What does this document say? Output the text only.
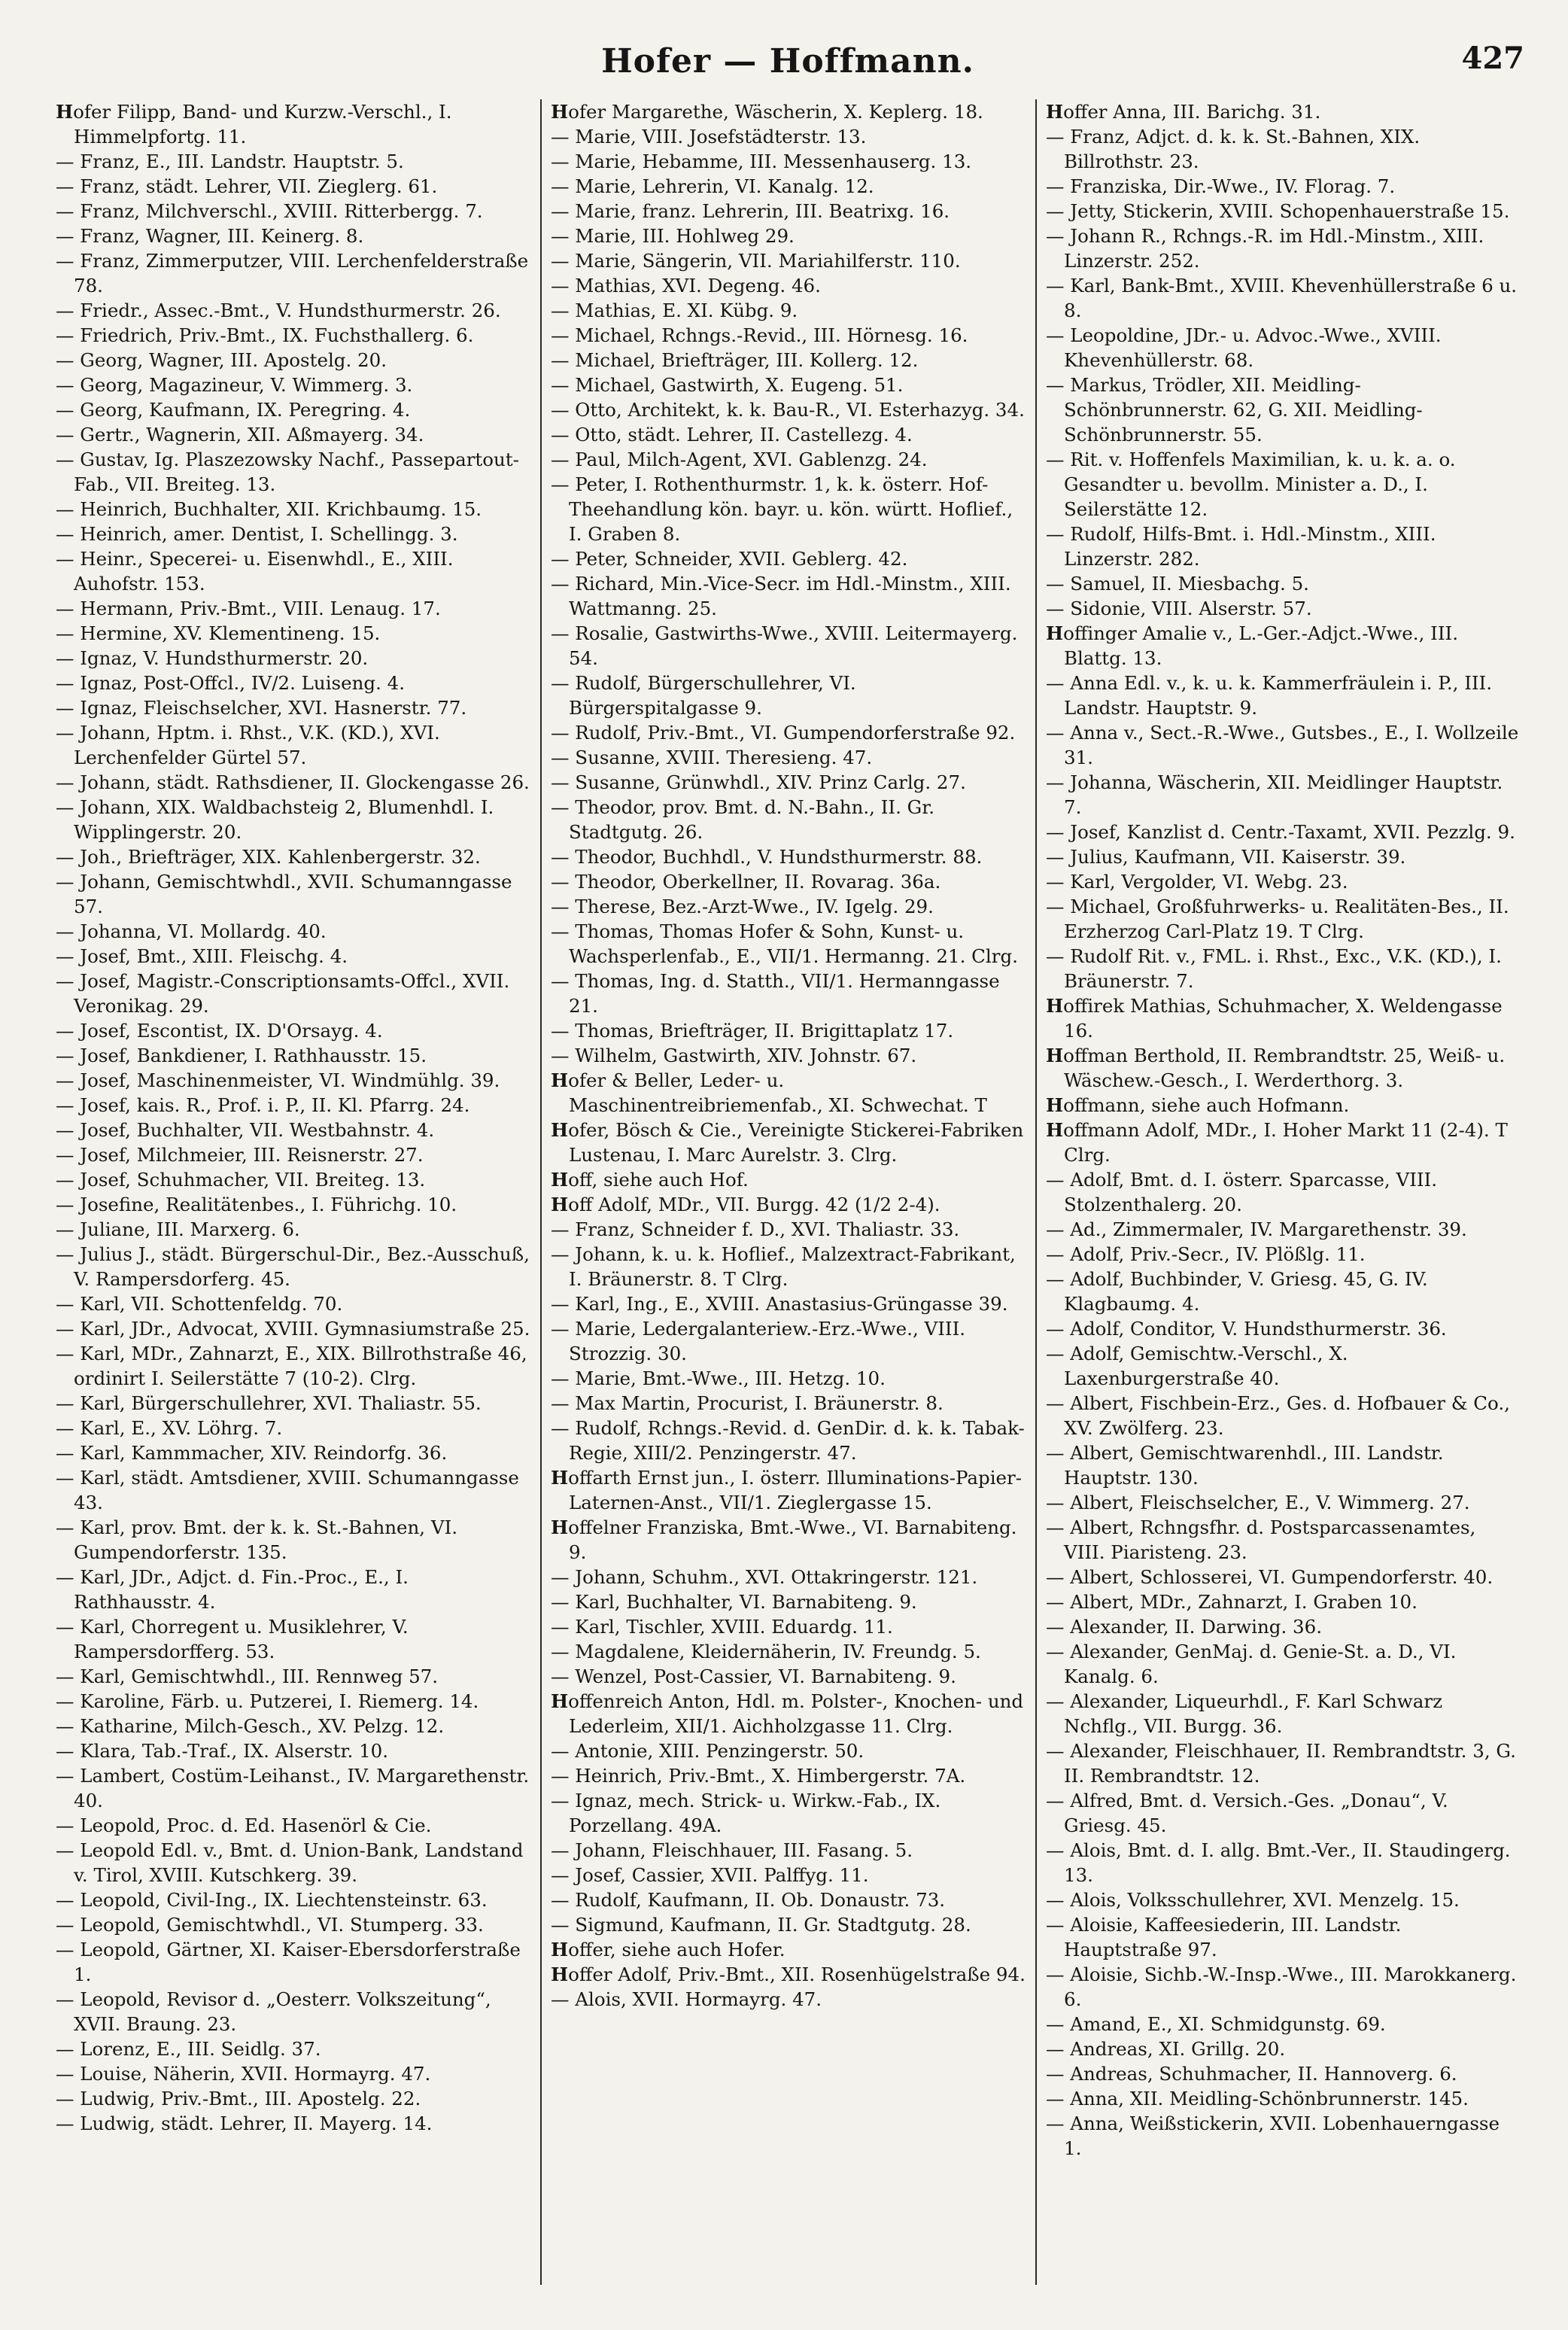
Hofer — Hoffmann.	427

Hofer Filipp, Band- und Kurzw.-Verschl., I. Himmelpfortg. 11.

— Franz, E., III. Landstr. Hauptstr. 5.

— Franz, städt. Lehrer, VII. Zieglerg. 61.

— Franz, Milchverschl., XVIII. Ritterbergg. 7.

— Franz, Wagner, III. Keinerg. 8.

— Franz, Zimmerputzer, VIII. Lerchenfelderstraße 78.

— Friedr., Assec.-Bmt., V. Hundsthurmerstr. 26.

— Friedrich, Priv.-Bmt., IX. Fuchsthallerg. 6.

— Georg, Wagner, III. Apostelg. 20.

— Georg, Magazineur, V. Wimmerg. 3.

— Georg, Kaufmann, IX. Peregring. 4.

— Gertr., Wagnerin, XII. Aßmayerg. 34.

— Gustav, Ig. Plaszezowsky Nachf., Passepartout-Fab., VII. Breiteg. 13.

— Heinrich, Buchhalter, XII. Krichbaumg. 15.

— Heinrich, amer. Dentist, I. Schellingg. 3.

— Heinr., Specerei- u. Eisenwhdl., E., XIII. Auhofstr. 153.

— Hermann, Priv.-Bmt., VIII. Lenaug. 17.

— Hermine, XV. Klementineng. 15.

— Ignaz, V. Hundsthurmerstr. 20.

— Ignaz, Post-Offcl., IV/2. Luiseng. 4.

— Ignaz, Fleischselcher, XVI. Hasnerstr. 77.

— Johann, Hptm. i. Rhst., V.K. (KD.), XVI. Lerchenfelder Gürtel 57.

— Johann, städt. Rathsdiener, II. Glockengasse 26.

— Johann, XIX. Waldbachsteig 2, Blumenhdl. I. Wipplingerstr. 20.

— Joh., Briefträger, XIX. Kahlenbergerstr. 32.

— Johann, Gemischtwhdl., XVII. Schumanngasse 57.

— Johanna, VI. Mollardg. 40.

— Josef, Bmt., XIII. Fleischg. 4.

— Josef, Magistr.-Conscriptionsamts-Offcl., XVII. Veronikag. 29.

— Josef, Escontist, IX. D'Orsayg. 4.

— Josef, Bankdiener, I. Rathhausstr. 15.

— Josef, Maschinenmeister, VI. Windmühlg. 39.

— Josef, kais. R., Prof. i. P., II. Kl. Pfarrg. 24.

— Josef, Buchhalter, VII. Westbahnstr. 4.

— Josef, Milchmeier, III. Reisnerstr. 27.

— Josef, Schuhmacher, VII. Breiteg. 13.

— Josefine, Realitätenbes., I. Führichg. 10.

— Juliane, III. Marxerg. 6.

— Julius J., städt. Bürgerschul-Dir., Bez.-Ausschuß, V. Rampersdorferg. 45.

— Karl, VII. Schottenfeldg. 70.

— Karl, JDr., Advocat, XVIII. Gymnasiumstraße 25.

— Karl, MDr., Zahnarzt, E., XIX. Billrothstraße 46, ordinirt I. Seilerstätte 7 (10-2). Clrg.

— Karl, Bürgerschullehrer, XVI. Thaliastr. 55.

— Karl, E., XV. Löhrg. 7.

— Karl, Kammmacher, XIV. Reindorfg. 36.

— Karl, städt. Amtsdiener, XVIII. Schumanngasse 43.

— Karl, prov. Bmt. der k. k. St.-Bahnen, VI. Gumpendorferstr. 135.

— Karl, JDr., Adjct. d. Fin.-Proc., E., I. Rathhausstr. 4.

— Karl, Chorregent u. Musiklehrer, V. Rampersdorfferg. 53.

— Karl, Gemischtwhdl., III. Rennweg 57.

— Karoline, Färb. u. Putzerei, I. Riemerg. 14.

— Katharine, Milch-Gesch., XV. Pelzg. 12.

— Klara, Tab.-Traf., IX. Alserstr. 10.

— Lambert, Costüm-Leihanst., IV. Margarethenstr. 40.

— Leopold, Proc. d. Ed. Hasenörl & Cie.

— Leopold Edl. v., Bmt. d. Union-Bank, Landstand v. Tirol, XVIII. Kutschkerg. 39.

— Leopold, Civil-Ing., IX. Liechtensteinstr. 63.

— Leopold, Gemischtwhdl., VI. Stumperg. 33.

— Leopold, Gärtner, XI. Kaiser-Ebersdorferstraße 1.

— Leopold, Revisor d. „Oesterr. Volkszeitung“, XVII. Braung. 23.

— Lorenz, E., III. Seidlg. 37.

— Louise, Näherin, XVII. Hormayrg. 47.

— Ludwig, Priv.-Bmt., III. Apostelg. 22.

— Ludwig, städt. Lehrer, II. Mayerg. 14.

Hofer Margarethe, Wäscherin, X. Keplerg. 18.

— Marie, VIII. Josefstädterstr. 13.

— Marie, Hebamme, III. Messenhauserg. 13.

— Marie, Lehrerin, VI. Kanalg. 12.

— Marie, franz. Lehrerin, III. Beatrixg. 16.

— Marie, III. Hohlweg 29.

— Marie, Sängerin, VII. Mariahilferstr. 110.

— Mathias, XVI. Degeng. 46.

— Mathias, E. XI. Kübg. 9.

— Michael, Rchngs.-Revid., III. Hörnesg. 16.

— Michael, Briefträger, III. Kollerg. 12.

— Michael, Gastwirth, X. Eugeng. 51.

— Otto, Architekt, k. k. Bau-R., VI. Esterhazyg. 34.

— Otto, städt. Lehrer, II. Castellezg. 4.

— Paul, Milch-Agent, XVI. Gablenzg. 24.

— Peter, I. Rothenthurmstr. 1, k. k. österr. Hof-Theehandlung kön. bayr. u. kön. württ. Hoflief., I. Graben 8.

— Peter, Schneider, XVII. Geblerg. 42.

— Richard, Min.-Vice-Secr. im Hdl.-Minstm., XIII. Wattmanng. 25.

— Rosalie, Gastwirths-Wwe., XVIII. Leitermayerg. 54.

— Rudolf, Bürgerschullehrer, VI. Bürgerspitalgasse 9.

— Rudolf, Priv.-Bmt., VI. Gumpendorferstraße 92.

— Susanne, XVIII. Theresieng. 47.

— Susanne, Grünwhdl., XIV. Prinz Carlg. 27.

— Theodor, prov. Bmt. d. N.-Bahn., II. Gr. Stadtgutg. 26.

— Theodor, Buchhdl., V. Hundsthurmerstr. 88.

— Theodor, Oberkellner, II. Rovarag. 36a.

— Therese, Bez.-Arzt-Wwe., IV. Igelg. 29.

— Thomas, Thomas Hofer & Sohn, Kunst- u. Wachsperlenfab., E., VII/1. Hermanng. 21. Clrg.

— Thomas, Ing. d. Statth., VII/1. Hermanngasse 21.

— Thomas, Briefträger, II. Brigittaplatz 17.

— Wilhelm, Gastwirth, XIV. Johnstr. 67.

Hofer & Beller, Leder- u. Maschinentreibriemenfab., XI. Schwechat. T

Hofer, Bösch & Cie., Vereinigte Stickerei-Fabriken Lustenau, I. Marc Aurelstr. 3. Clrg.

Hoff, siehe auch Hof.

Hoff Adolf, MDr., VII. Burgg. 42 (1/2 2-4).

— Franz, Schneider f. D., XVI. Thaliastr. 33.

— Johann, k. u. k. Hoflief., Malzextract-Fabrikant, I. Bräunerstr. 8. T Clrg.

— Karl, Ing., E., XVIII. Anastasius-Grüngasse 39.

— Marie, Ledergalanteriew.-Erz.-Wwe., VIII. Strozzig. 30.

— Marie, Bmt.-Wwe., III. Hetzg. 10.

— Max Martin, Procurist, I. Bräunerstr. 8.

— Rudolf, Rchngs.-Revid. d. GenDir. d. k. k. Tabak-Regie, XIII/2. Penzingerstr. 47.

Hoffarth Ernst jun., I. österr. Illuminations-Papier-Laternen-Anst., VII/1. Zieglergasse 15.

Hoffelner Franziska, Bmt.-Wwe., VI. Barnabiteng. 9.

— Johann, Schuhm., XVI. Ottakringerstr. 121.

— Karl, Buchhalter, VI. Barnabiteng. 9.

— Karl, Tischler, XVIII. Eduardg. 11.

— Magdalene, Kleidernäherin, IV. Freundg. 5.

— Wenzel, Post-Cassier, VI. Barnabiteng. 9.

Hoffenreich Anton, Hdl. m. Polster-, Knochen- und Lederleim, XII/1. Aichholzgasse 11. Clrg.

— Antonie, XIII. Penzingerstr. 50.

— Heinrich, Priv.-Bmt., X. Himbergerstr. 7A.

— Ignaz, mech. Strick- u. Wirkw.-Fab., IX. Porzellang. 49A.

— Johann, Fleischhauer, III. Fasang. 5.

— Josef, Cassier, XVII. Palffyg. 11.

— Rudolf, Kaufmann, II. Ob. Donaustr. 73.

— Sigmund, Kaufmann, II. Gr. Stadtgutg. 28.

Hoffer, siehe auch Hofer.

Hoffer Adolf, Priv.-Bmt., XII. Rosenhügelstraße 94.

— Alois, XVII. Hormayrg. 47.

Hoffer Anna, III. Barichg. 31.

— Franz, Adjct. d. k. k. St.-Bahnen, XIX. Billrothstr. 23.

— Franziska, Dir.-Wwe., IV. Florag. 7.

— Jetty, Stickerin, XVIII. Schopenhauerstraße 15.

— Johann R., Rchngs.-R. im Hdl.-Minstm., XIII. Linzerstr. 252.

— Karl, Bank-Bmt., XVIII. Khevenhüllerstraße 6 u. 8.

— Leopoldine, JDr.- u. Advoc.-Wwe., XVIII. Khevenhüllerstr. 68.

— Markus, Trödler, XII. Meidling-Schönbrunnerstr. 62, G. XII. Meidling-Schönbrunnerstr. 55.

— Rit. v. Hoffenfels Maximilian, k. u. k. a. o. Gesandter u. bevollm. Minister a. D., I. Seilerstätte 12.

— Rudolf, Hilfs-Bmt. i. Hdl.-Minstm., XIII. Linzerstr. 282.

— Samuel, II. Miesbachg. 5.

— Sidonie, VIII. Alserstr. 57.

Hoffinger Amalie v., L.-Ger.-Adjct.-Wwe., III. Blattg. 13.

— Anna Edl. v., k. u. k. Kammerfräulein i. P., III. Landstr. Hauptstr. 9.

— Anna v., Sect.-R.-Wwe., Gutsbes., E., I. Wollzeile 31.

— Johanna, Wäscherin, XII. Meidlinger Hauptstr. 7.

— Josef, Kanzlist d. Centr.-Taxamt, XVII. Pezzlg. 9.

— Julius, Kaufmann, VII. Kaiserstr. 39.

— Karl, Vergolder, VI. Webg. 23.

— Michael, Großfuhrwerks- u. Realitäten-Bes., II. Erzherzog Carl-Platz 19. T Clrg.

— Rudolf Rit. v., FML. i. Rhst., Exc., V.K. (KD.), I. Bräunerstr. 7.

Hoffirek Mathias, Schuhmacher, X. Weldengasse 16.

Hoffman Berthold, II. Rembrandtstr. 25, Weiß- u. Wäschew.-Gesch., I. Werderthorg. 3.

Hoffmann, siehe auch Hofmann.

Hoffmann Adolf, MDr., I. Hoher Markt 11 (2-4). T Clrg.

— Adolf, Bmt. d. I. österr. Sparcasse, VIII. Stolzenthalerg. 20.

— Ad., Zimmermaler, IV. Margarethenstr. 39.

— Adolf, Priv.-Secr., IV. Plößlg. 11.

— Adolf, Buchbinder, V. Griesg. 45, G. IV. Klagbaumg. 4.

— Adolf, Conditor, V. Hundsthurmerstr. 36.

— Adolf, Gemischtw.-Verschl., X. Laxenburgerstraße 40.

— Albert, Fischbein-Erz., Ges. d. Hofbauer & Co., XV. Zwölferg. 23.

— Albert, Gemischtwarenhdl., III. Landstr. Hauptstr. 130.

— Albert, Fleischselcher, E., V. Wimmerg. 27.

— Albert, Rchngsfhr. d. Postsparcassenamtes, VIII. Piaristeng. 23.

— Albert, Schlosserei, VI. Gumpendorferstr. 40.

— Albert, MDr., Zahnarzt, I. Graben 10.

— Alexander, II. Darwing. 36.

— Alexander, GenMaj. d. Genie-St. a. D., VI. Kanalg. 6.

— Alexander, Liqueurhdl., F. Karl Schwarz Nchflg., VII. Burgg. 36.

— Alexander, Fleischhauer, II. Rembrandtstr. 3, G. II. Rembrandtstr. 12.

— Alfred, Bmt. d. Versich.-Ges. „Donau“, V. Griesg. 45.

— Alois, Bmt. d. I. allg. Bmt.-Ver., II. Staudingerg. 13.

— Alois, Volksschullehrer, XVI. Menzelg. 15.

— Aloisie, Kaffeesiederin, III. Landstr. Hauptstraße 97.

— Aloisie, Sichb.-W.-Insp.-Wwe., III. Marokkanerg. 6.

— Amand, E., XI. Schmidgunstg. 69.

— Andreas, XI. Grillg. 20.

— Andreas, Schuhmacher, II. Hannoverg. 6.

— Anna, XII. Meidling-Schönbrunnerstr. 145.

— Anna, Weißstickerin, XVII. Lobenhauerngasse 1.
